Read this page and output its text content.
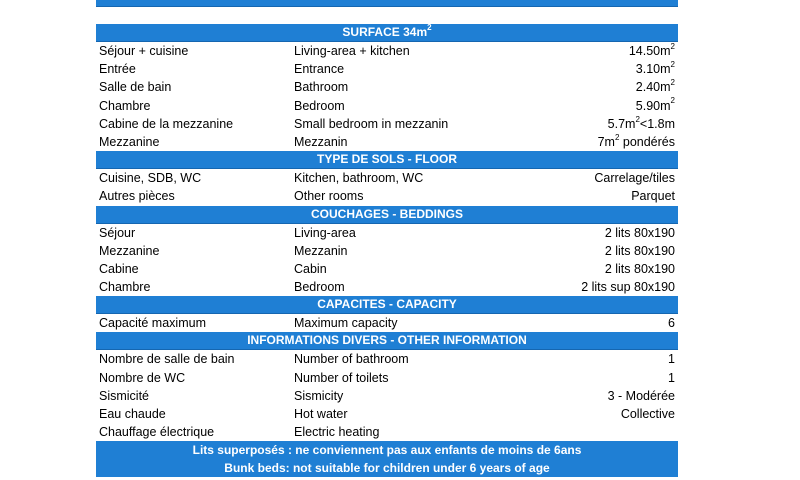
SURFACE $34m^2$
Séjour + cuisine	Living-area + kitchen	$14.50m^2$
Entrée	Entrance	$3.10m^2$
Salle de bain	Bathroom	$2.40m^2$
Chambre	Bedroom	$5.90m^2$
Cabine de la mezzanine	Small bedroom in mezzanin	$5.7m^2<1.8m$
Mezzanine	Mezzanin	$7m^2$ pondérés
TYPE DE SOLS - FLOOR
Cuisine, SDB, WC	Kitchen, bathroom, WC	Carrelage/tiles
Autres pièces	Other rooms	Parquet
COUCHAGES - BEDDINGS
Séjour	Living-area	2 lits 80x190
Mezzanine	Mezzanin	2 lits 80x190
Cabine	Cabin	2 lits 80x190
Chambre	Bedroom	2 lits sup 80x190
CAPACITES - CAPACITY
Capacité maximum	Maximum capacity	6
INFORMATIONS DIVERS - OTHER INFORMATION
Nombre de salle de bain	Number of bathroom	1
Nombre de WC	Number of toilets	1
Sismicité	Sismicity	3 - Modérée
Eau chaude	Hot water	Collective
Chauffage électrique	Electric heating
Lits superposés : ne conviennent pas aux enfants de moins de 6ans
Bunk beds: not suitable for children under 6 years of age
